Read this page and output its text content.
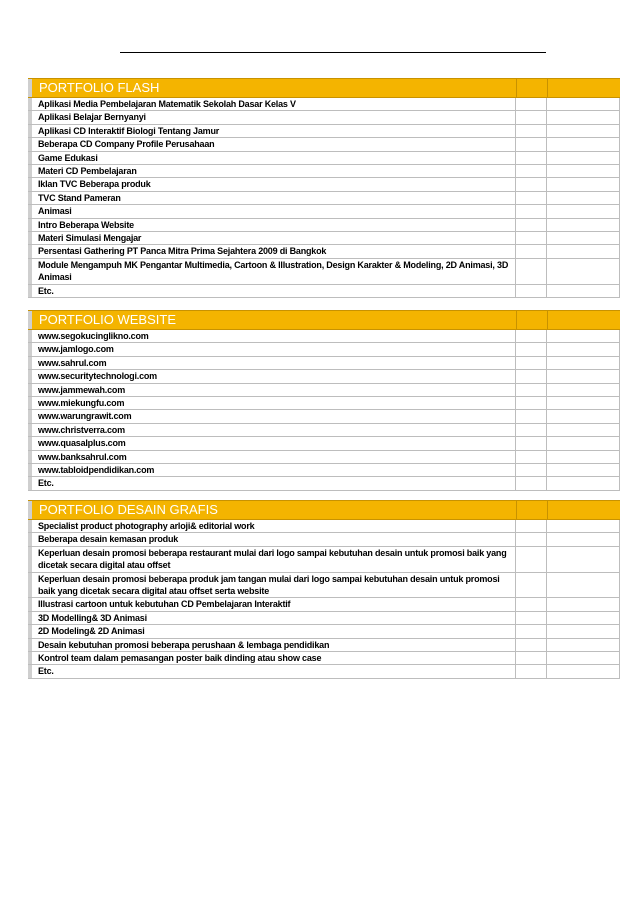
PORTFOLIO FLASH
Aplikasi Media Pembelajaran Matematik Sekolah Dasar Kelas V
Aplikasi Belajar Bernyanyi
Aplikasi CD Interaktif Biologi Tentang Jamur
Beberapa CD Company Profile Perusahaan
Game Edukasi
Materi CD Pembelajaran
Iklan TVC Beberapa produk
TVC Stand Pameran
Animasi
Intro Beberapa Website
Materi Simulasi Mengajar
Persentasi Gathering PT Panca Mitra Prima Sejahtera 2009 di Bangkok
Module Mengampuh MK Pengantar Multimedia, Cartoon & Illustration, Design Karakter & Modeling, 2D Animasi, 3D Animasi
Etc.
PORTFOLIO WEBSITE
www.segokucinglikno.com
www.jamlogo.com
www.sahrul.com
www.securitytechnologi.com
www.jammewah.com
www.miekungfu.com
www.warungrawit.com
www.christverra.com
www.quasalplus.com
www.banksahrul.com
www.tabloidpendidikan.com
Etc.
PORTFOLIO DESAIN GRAFIS
Specialist product photography arloji& editorial work
Beberapa desain kemasan produk
Keperluan desain promosi beberapa restaurant mulai dari logo sampai kebutuhan desain untuk promosi baik yang dicetak secara digital atau offset
Keperluan desain promosi beberapa produk jam tangan mulai dari logo sampai kebutuhan desain untuk promosi baik yang dicetak secara digital atau offset serta website
Illustrasi cartoon untuk kebutuhan CD Pembelajaran Interaktif
3D Modelling& 3D Animasi
2D Modeling& 2D Animasi
Desain kebutuhan promosi beberapa perushaan & lembaga pendidikan
Kontrol team dalam pemasangan poster baik dinding atau show case
Etc.
